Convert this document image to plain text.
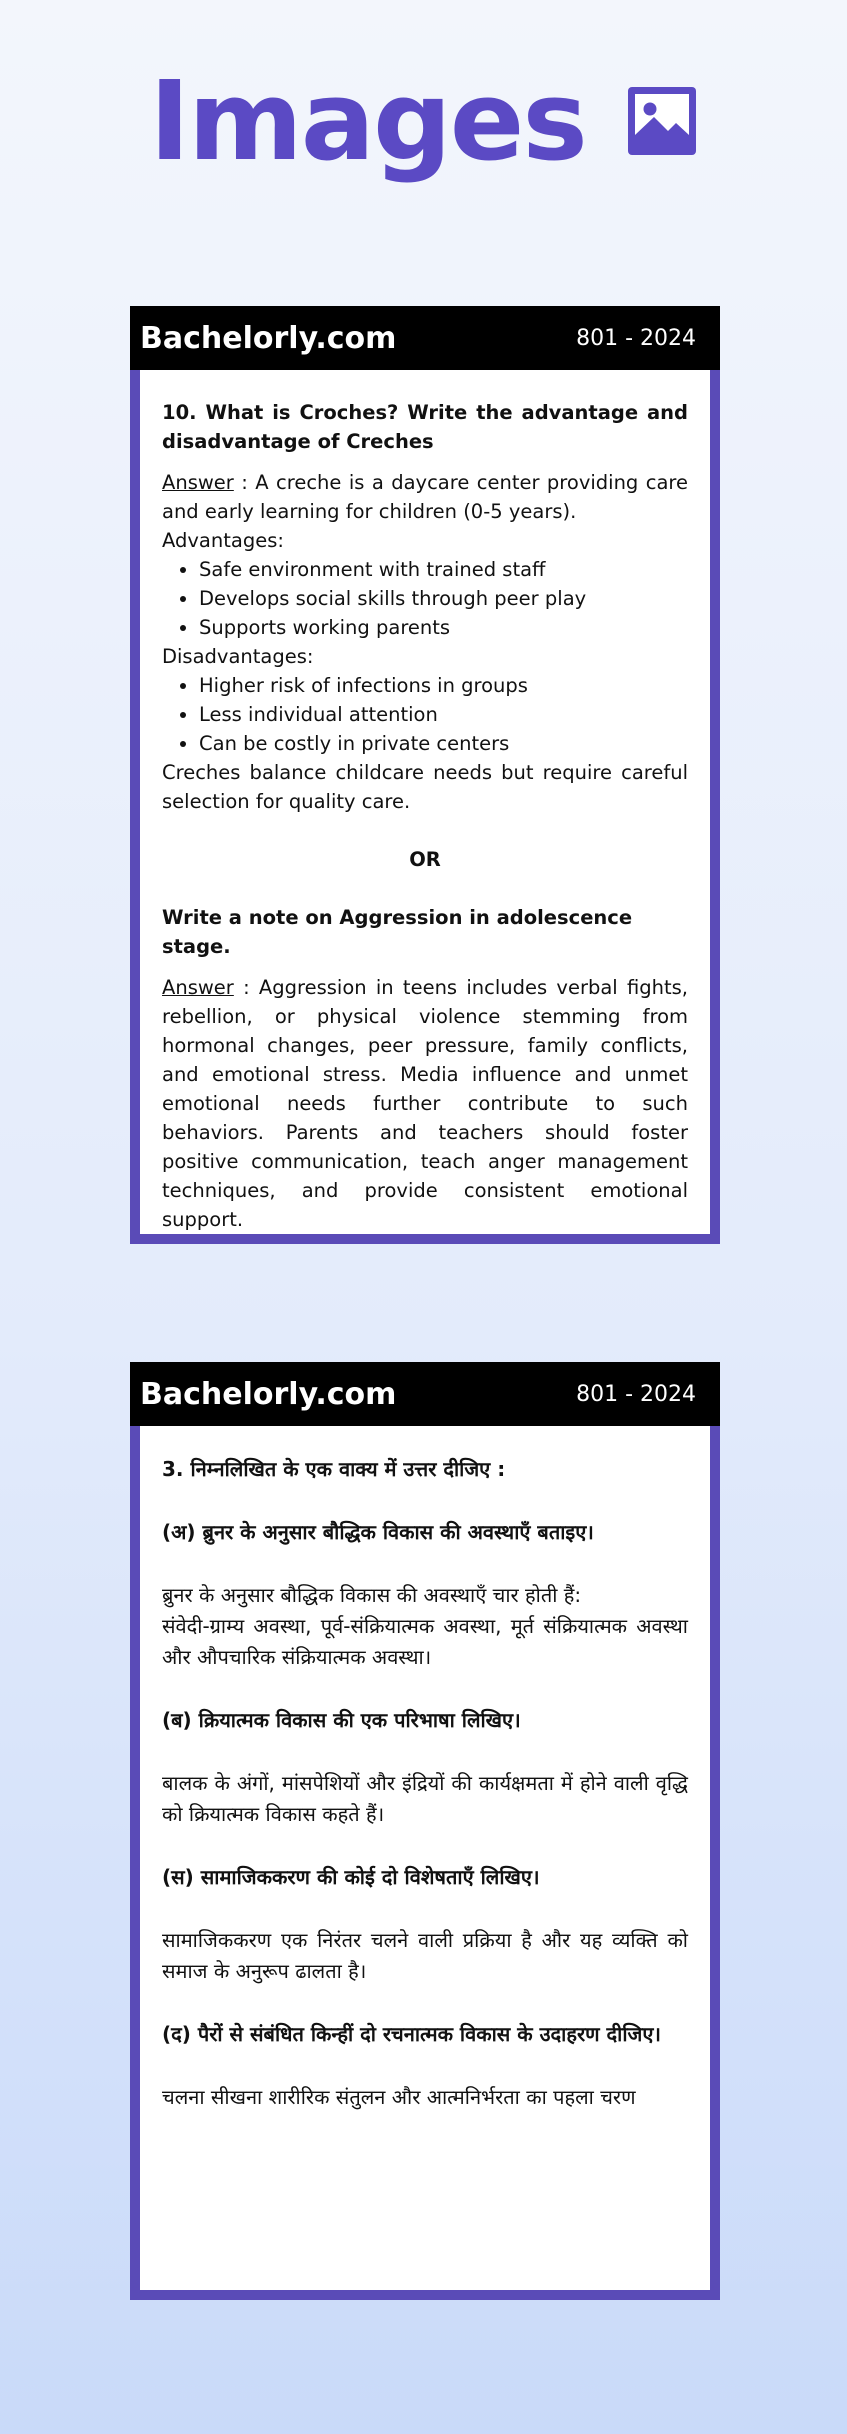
Images
Bachelorly.com	801 - 2024

10. What is Croches? Write the advantage and disadvantage of Creches

Answer : A creche is a daycare center providing care and early learning for children (0-5 years).

Advantages:

• Safe environment with trained staff
• Develops social skills through peer play
• Supports working parents

Disadvantages:

• Higher risk of infections in groups
• Less individual attention
• Can be costly in private centers

Creches balance childcare needs but require careful selection for quality care.

OR

Write a note on Aggression in adolescence stage.

Answer : Aggression in teens includes verbal fights, rebellion, or physical violence stemming from hormonal changes, peer pressure, family conflicts, and emotional stress. Media influence and unmet emotional needs further contribute to such behaviors. Parents and teachers should foster positive communication, teach anger management techniques, and provide consistent emotional support.

Bachelorly.com	801 - 2024

3. निम्नलिखित के एक वाक्य में उत्तर दीजिए :

(अ) ब्रुनर के अनुसार बौद्धिक विकास की अवस्थाएँ बताइए।

ब्रुनर के अनुसार बौद्धिक विकास की अवस्थाएँ चार होती हैं:

संवेदी-ग्राम्य अवस्था, पूर्व-संक्रियात्मक अवस्था, मूर्त संक्रियात्मक अवस्था और औपचारिक संक्रियात्मक अवस्था।

(ब) क्रियात्मक विकास की एक परिभाषा लिखिए।

बालक के अंगों, मांसपेशियों और इंद्रियों की कार्यक्षमता में होने वाली वृद्धि को क्रियात्मक विकास कहते हैं।

(स) सामाजिककरण की कोई दो विशेषताएँ लिखिए।

सामाजिककरण एक निरंतर चलने वाली प्रक्रिया है और यह व्यक्ति को समाज के अनुरूप ढालता है।

(द) पैरों से संबंधित किन्हीं दो रचनात्मक विकास के उदाहरण दीजिए।

चलना सीखना शारीरिक संतुलन और आत्मनिर्भरता का पहला चरण
